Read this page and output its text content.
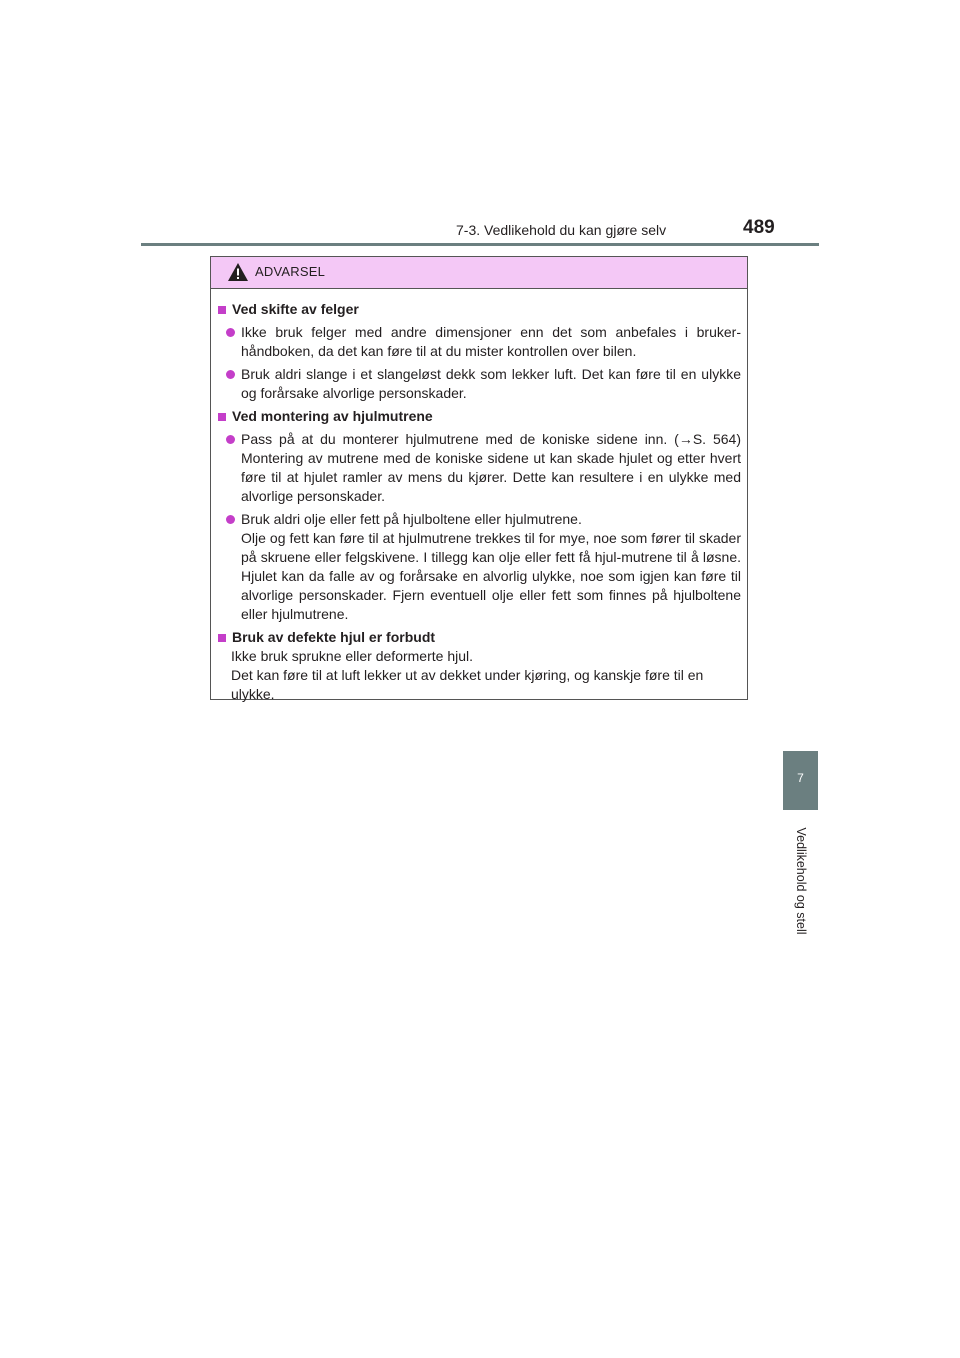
7-3. Vedlikehold du kan gjøre selv	489
7
Vedlikehold og stell
ADVARSEL
Ved skifte av felger
Ikke bruk felger med andre dimensjoner enn det som anbefales i bruker-håndboken, da det kan føre til at du mister kontrollen over bilen.
Bruk aldri slange i et slangeløst dekk som lekker luft. Det kan føre til en ulykke og forårsake alvorlige personskader.
Ved montering av hjulmutrene
Pass på at du monterer hjulmutrene med de koniske sidene inn. (→S. 564) Montering av mutrene med de koniske sidene ut kan skade hjulet og etter hvert føre til at hjulet ramler av mens du kjører. Dette kan resultere i en ulykke med alvorlige personskader.
Bruk aldri olje eller fett på hjulboltene eller hjulmutrene.
Olje og fett kan føre til at hjulmutrene trekkes til for mye, noe som fører til skader på skruene eller felgskivene. I tillegg kan olje eller fett få hjul-mutrene til å løsne. Hjulet kan da falle av og forårsake en alvorlig ulykke, noe som igjen kan føre til alvorlige personskader. Fjern eventuell olje eller fett som finnes på hjulboltene eller hjulmutrene.
Bruk av defekte hjul er forbudt
Ikke bruk sprukne eller deformerte hjul.
Det kan føre til at luft lekker ut av dekket under kjøring, og kanskje føre til en ulykke.
